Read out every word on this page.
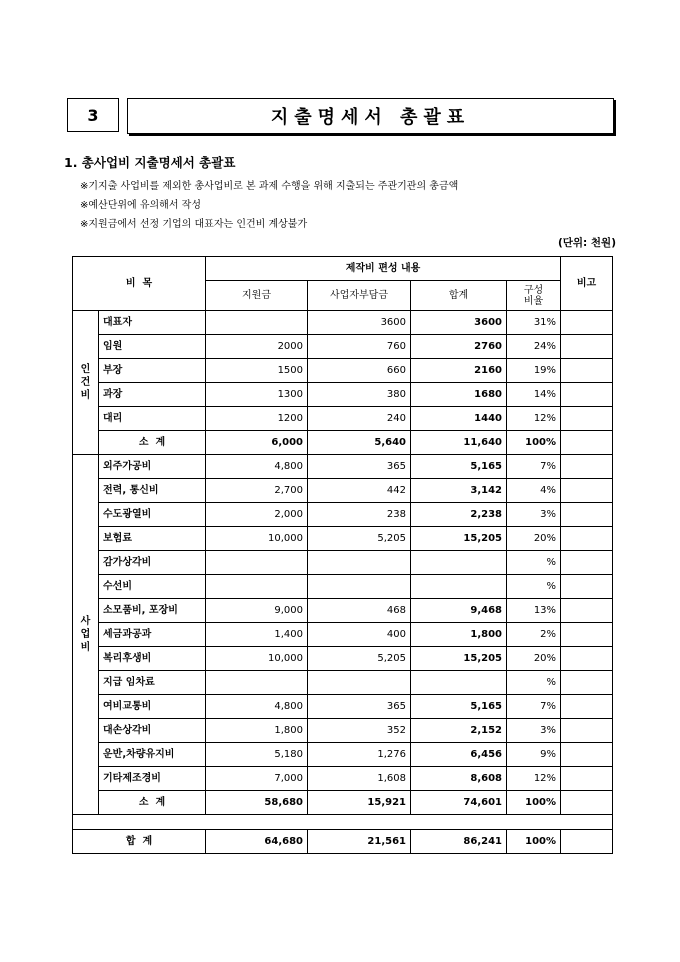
3	지출명세서 총괄표
1. 총사업비 지출명세서 총괄표
※기지출 사업비를 제외한 총사업비로 본 과제 수행을 위해 지출되는 주관기관의 총금액
※예산단위에 유의해서 작성
※지원금에서 선정 기업의 대표자는 인건비 계상불가
(단위: 천원)
비  목		제작비 편성 내용				비고
		지원금	사업자부담금	합계	구성
비율	
인
건
비	대표자		3600	3600	31%	
	임원	2000	760	2760	24%	
	부장	1500	660	2160	19%	
	과장	1300	380	1680	14%	
	대리	1200	240	1440	12%	
	소  계	6,000	5,640	11,640	100%	
사
업
비	외주가공비	4,800	365	5,165	7%	
	전력, 통신비	2,700	442	3,142	4%	
	수도광열비	2,000	238	2,238	3%	
	보험료	10,000	5,205	15,205	20%	
	감가상각비				%	
	수선비				%	
	소모품비, 포장비	9,000	468	9,468	13%	
	세금과공과	1,400	400	1,800	2%	
	복리후생비	10,000	5,205	15,205	20%	
	지급 임차료				%	
	여비교통비	4,800	365	5,165	7%	
	대손상각비	1,800	352	2,152	3%	
	운반,차량유지비	5,180	1,276	6,456	9%	
	기타제조경비	7,000	1,608	8,608	12%	
	소  계	58,680	15,921	74,601	100%	

합  계		64,680	21,561	86,241	100%	
